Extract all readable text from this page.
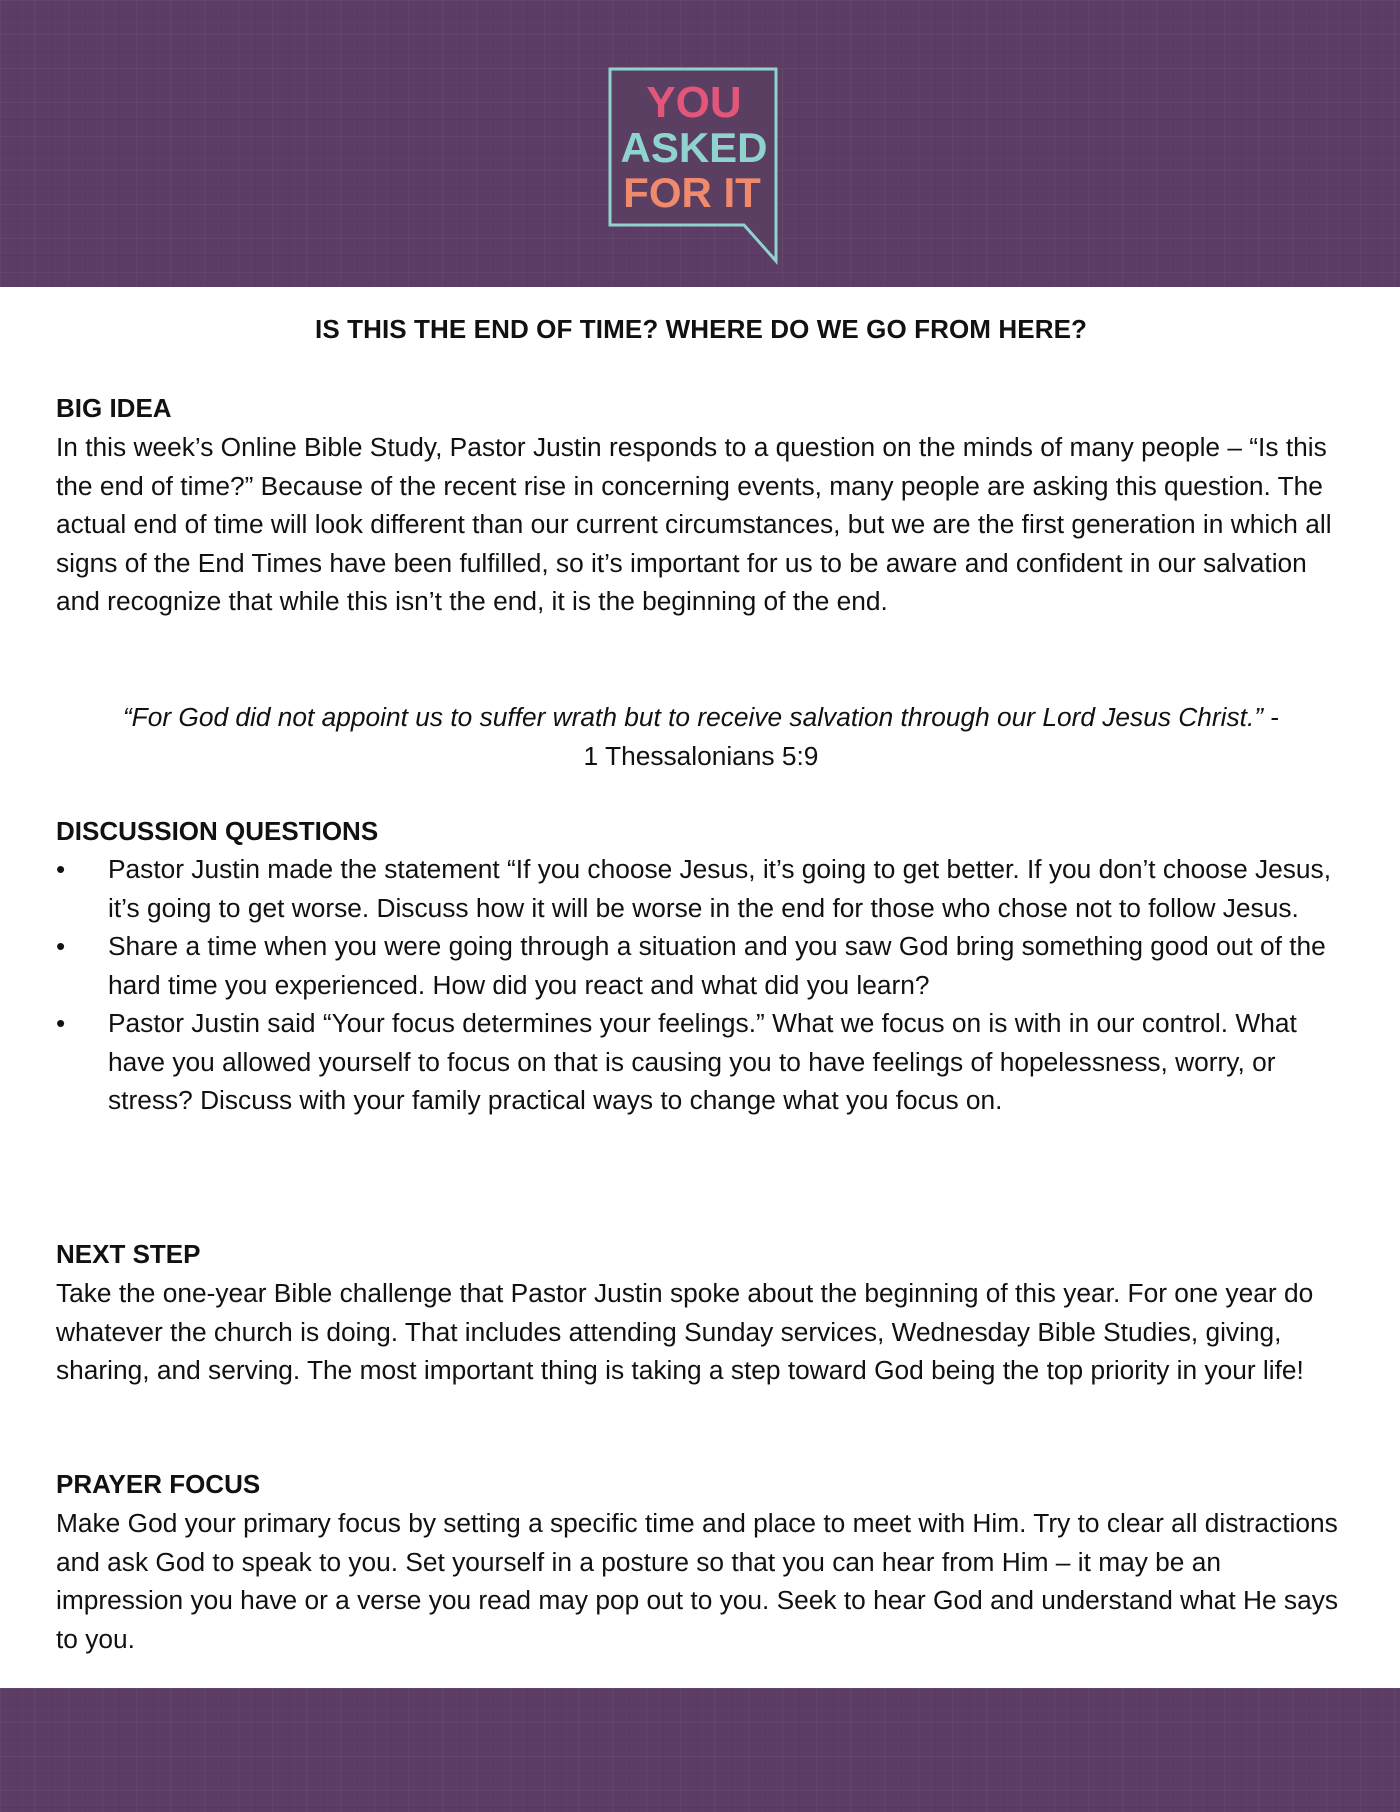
YOU
ASKED
FOR IT
IS THIS THE END OF TIME? WHERE DO WE GO FROM HERE?
BIG IDEA
In this week’s Online Bible Study, Pastor Justin responds to a question on the minds of many people – “Is this the end of time?” Because of the recent rise in concerning events, many people are asking this question. The actual end of time will look different than our current circumstances, but we are the first generation in which all signs of the End Times have been fulfilled, so it’s important for us to be aware and confident in our salvation and recognize that while this isn’t the end, it is the beginning of the end.
“For God did not appoint us to suffer wrath but to receive salvation through our Lord Jesus Christ.” -
1 Thessalonians 5:9
DISCUSSION QUESTIONS
• Pastor Justin made the statement “If you choose Jesus, it’s going to get better. If you don’t choose Jesus, it’s going to get worse. Discuss how it will be worse in the end for those who chose not to follow Jesus.
• Share a time when you were going through a situation and you saw God bring something good out of the hard time you experienced. How did you react and what did you learn?
• Pastor Justin said “Your focus determines your feelings.” What we focus on is with in our control. What have you allowed yourself to focus on that is causing you to have feelings of hopelessness, worry, or stress? Discuss with your family practical ways to change what you focus on.
NEXT STEP
Take the one-year Bible challenge that Pastor Justin spoke about the beginning of this year. For one year do whatever the church is doing. That includes attending Sunday services, Wednesday Bible Studies, giving, sharing, and serving. The most important thing is taking a step toward God being the top priority in your life!
PRAYER FOCUS
Make God your primary focus by setting a specific time and place to meet with Him. Try to clear all distractions and ask God to speak to you. Set yourself in a posture so that you can hear from Him – it may be an impression you have or a verse you read may pop out to you. Seek to hear God and understand what He says to you.
